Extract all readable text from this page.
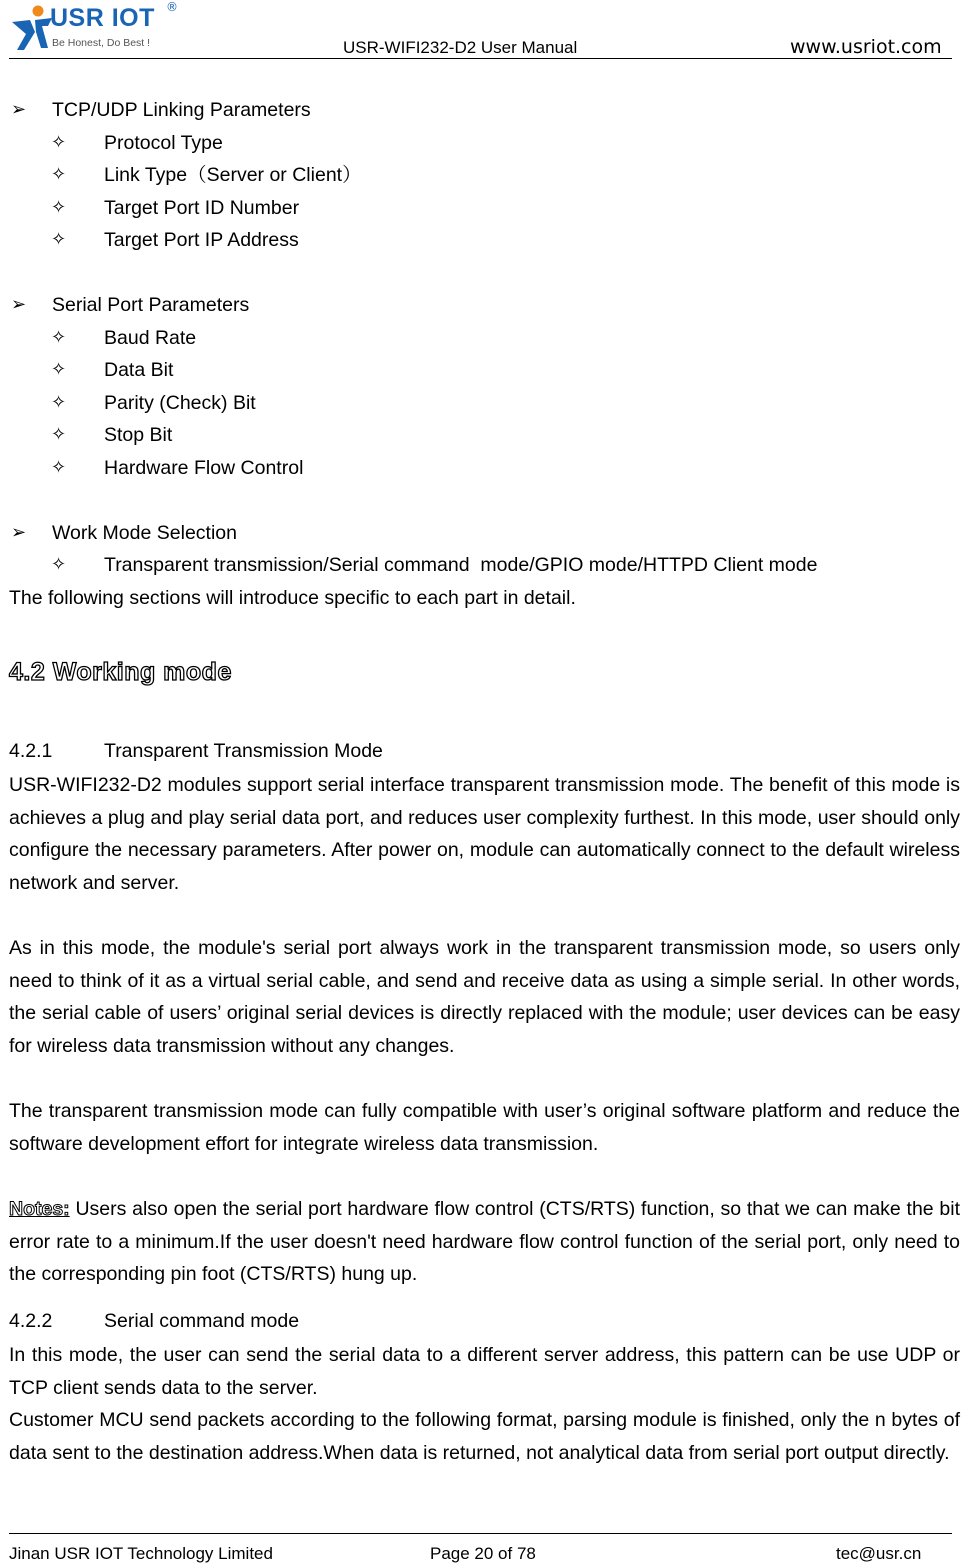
USR IOT ®
Be Honest, Do Best !	USR-WIFI232-D2 User Manual	www.usriot.com
➢ TCP/UDP Linking Parameters
✧ Protocol Type
✧ Link Type（Server or Client）
✧ Target Port ID Number
✧ Target Port IP Address
➢ Serial Port Parameters
✧ Baud Rate
✧ Data Bit
✧ Parity (Check) Bit
✧ Stop Bit
✧ Hardware Flow Control
➢ Work Mode Selection
✧ Transparent transmission/Serial command  mode/GPIO mode/HTTPD Client mode
The following sections will introduce specific to each part in detail.
4.2 Working mode
4.2.1	Transparent Transmission Mode

USR-WIFI232-D2 modules support serial interface transparent transmission mode. The benefit of this mode is achieves a plug and play serial data port, and reduces user complexity furthest. In this mode, user should only configure the necessary parameters. After power on, module can automatically connect to the default wireless network and server.

As in this mode, the module's serial port always work in the transparent transmission mode, so users only need to think of it as a virtual serial cable, and send and receive data as using a simple serial. In other words, the serial cable of users’ original serial devices is directly replaced with the module; user devices can be easy for wireless data transmission without any changes.

The transparent transmission mode can fully compatible with user’s original software platform and reduce the software development effort for integrate wireless data transmission.

Notes: Users also open the serial port hardware flow control (CTS/RTS) function, so that we can make the bit error rate to a minimum.If the user doesn't need hardware flow control function of the serial port, only need to the corresponding pin foot (CTS/RTS) hung up.

4.2.2	Serial command mode

In this mode, the user can send the serial data to a different server address, this pattern can be use UDP or TCP client sends data to the server.

Customer MCU send packets according to the following format, parsing module is finished, only the n bytes of data sent to the destination address.When data is returned, not analytical data from serial port output directly.

Jinan USR IOT Technology Limited	Page 20 of 78	tec@usr.cn
